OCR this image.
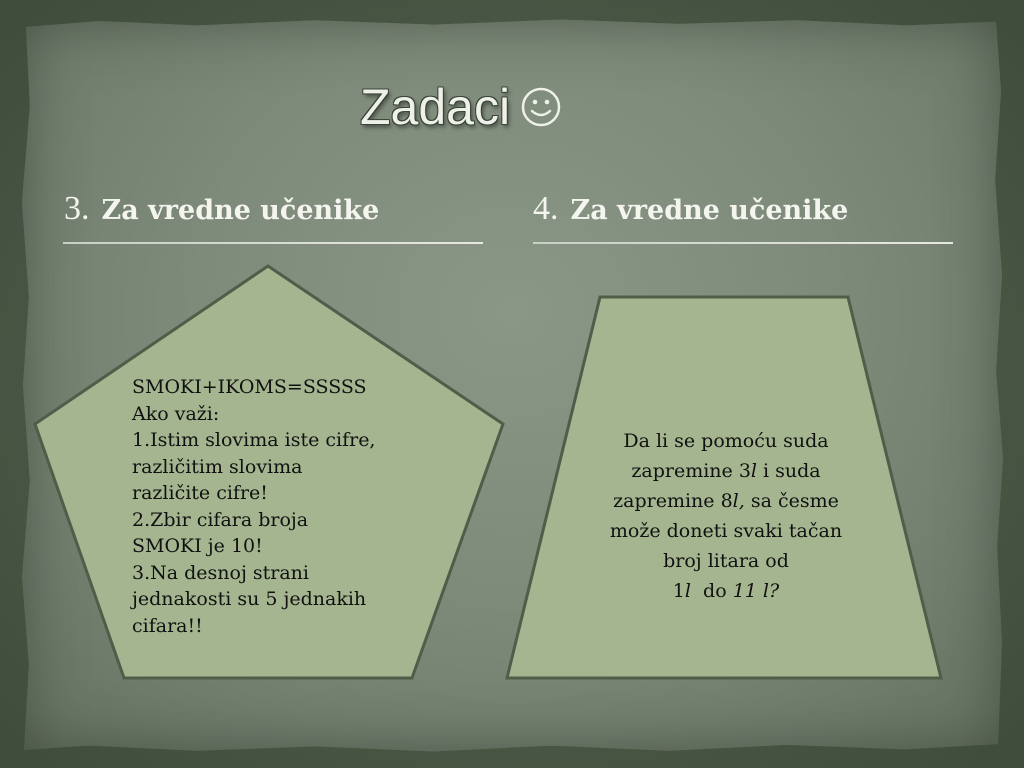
Zadaci
3. Za vredne učenike	4. Za vredne učenike
SMOKI+IKOMS=SSSSS
Ako važi:
1.Istim slovima iste cifre,
različitim slovima
različite cifre!
2.Zbir cifara broja
SMOKI je 10!
3.Na desnoj strani
jednakosti su 5 jednakih
cifara!!
Da li se pomoću suda
zapremine 3l i suda
zapremine 8l, sa česme
može doneti svaki tačan
broj litara od
1l  do 11 l?
